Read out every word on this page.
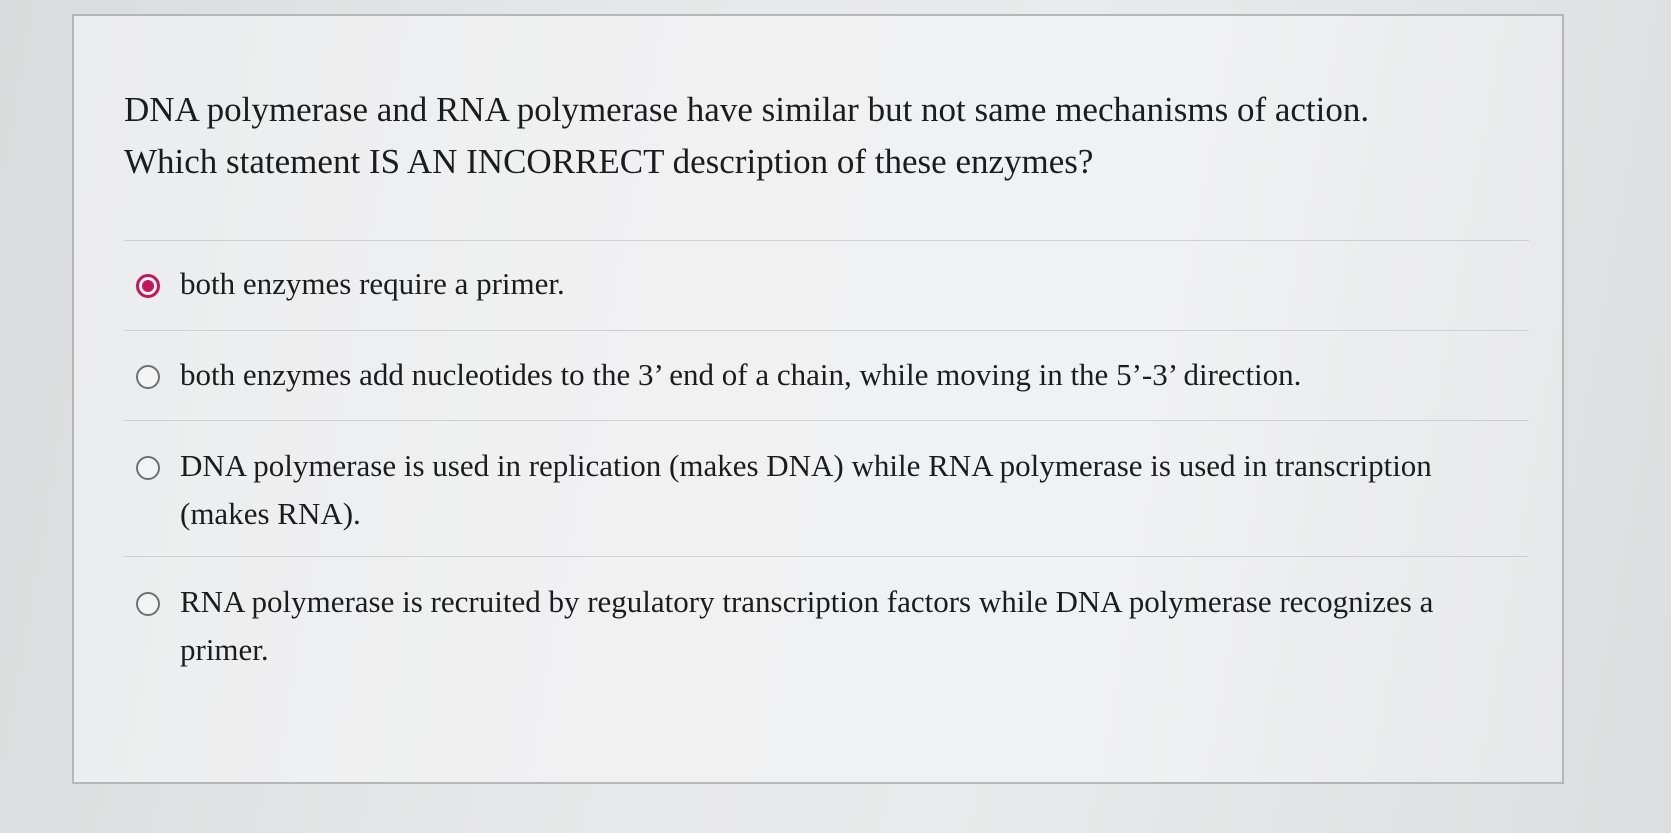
DNA polymerase and RNA polymerase have similar but not same mechanisms of action.
Which statement IS AN INCORRECT description of these enzymes?
both enzymes require a primer.
both enzymes add nucleotides to the 3’ end of a chain, while moving in the 5’-3’ direction.
DNA polymerase is used in replication (makes DNA) while RNA polymerase is used in transcription (makes RNA).
RNA polymerase is recruited by regulatory transcription factors while DNA polymerase recognizes a primer.
